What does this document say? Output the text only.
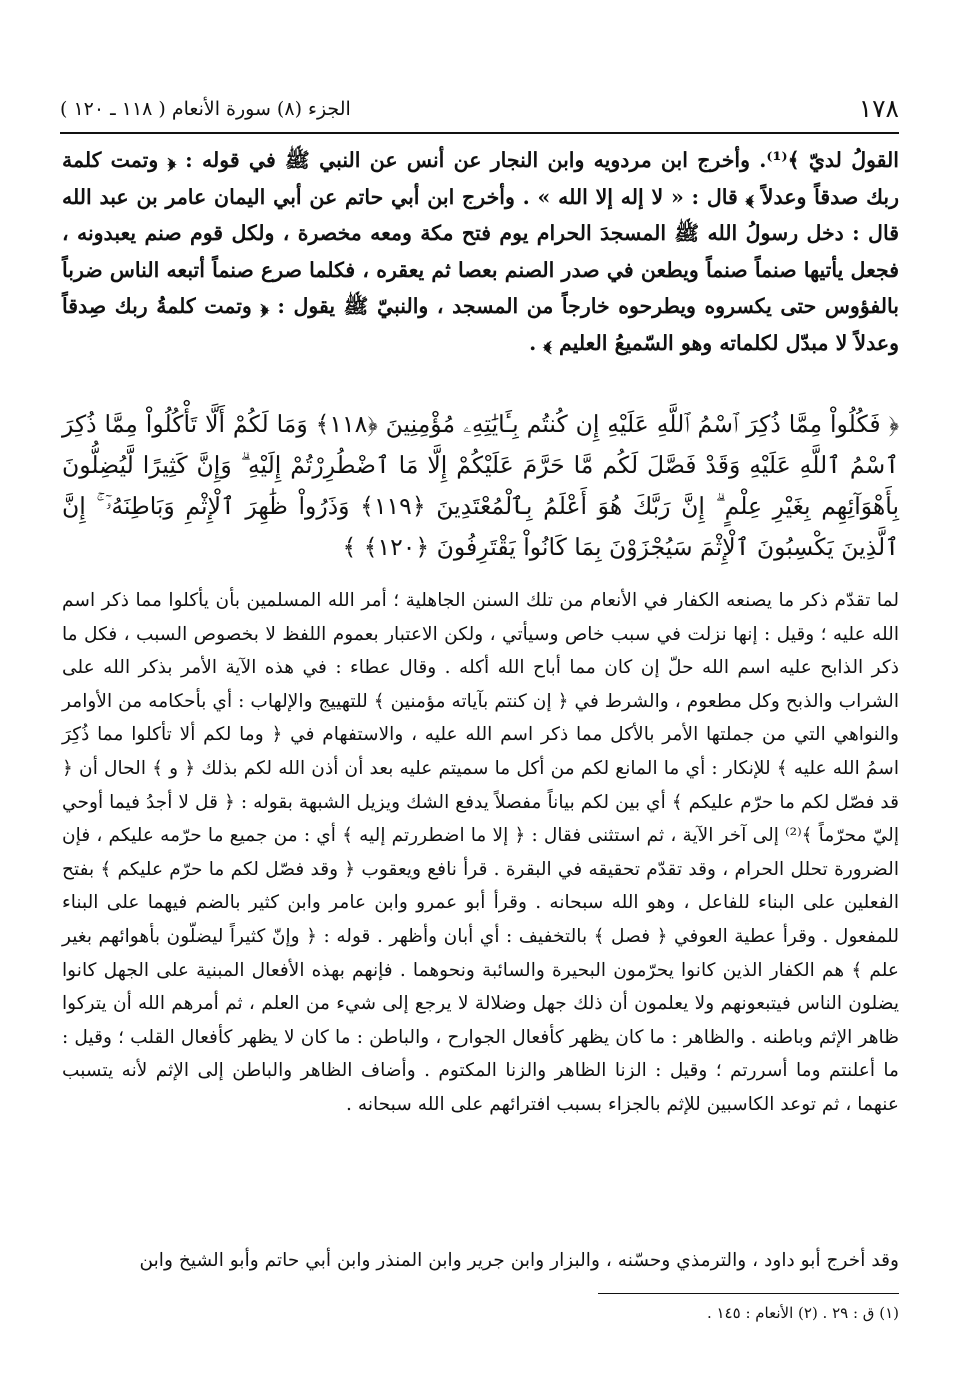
١٧٨
الجزء (٨) سورة الأنعام ( ١١٨ ـ ١٢٠ )

القولُ لديّ ﴾⁽¹⁾. وأخرج ابن مردويه وابن النجار عن أنس عن النبي ﷺ في قوله : ﴿ وتمت كلمة ربك صدقاً وعدلاً ﴾ قال : « لا إله إلا الله » . وأخرج ابن أبي حاتم عن أبي اليمان عامر بن عبد الله قال : دخل رسولُ الله ﷺ المسجدَ الحرام يوم فتح مكة ومعه مخصرة ، ولكل قوم صنم يعبدونه ، فجعل يأتيها صنماً صنماً ويطعن في صدر الصنم بعصا ثم يعقره ، فكلما صرع صنماً أتبعه الناس ضرباً بالفؤوس حتى يكسروه ويطرحوه خارجاً من المسجد ، والنبيّ ﷺ يقول : ﴿ وتمت كلمةُ ربك صِدقاً وعدلاً لا مبدّل لكلماته وهو السّميعُ العليم ﴾ .

﴿ فَكُلُواْ مِمَّا ذُكِرَ ٱسْمُ ٱللَّهِ عَلَيْهِ إِن كُنتُم بِـَٔايَٰتِهِۦ مُؤْمِنِينَ ﴿١١٨﴾ وَمَا لَكُمْ أَلَّا تَأْكُلُواْ مِمَّا ذُكِرَ ٱسْمُ ٱللَّهِ عَلَيْهِ وَقَدْ فَصَّلَ لَكُم مَّا حَرَّمَ عَلَيْكُمْ إِلَّا مَا ٱضْطُرِرْتُمْ إِلَيْهِ ۗ وَإِنَّ كَثِيرًا لَّيُضِلُّونَ بِأَهْوَآئِهِم بِغَيْرِ عِلْمٍ ۗ إِنَّ رَبَّكَ هُوَ أَعْلَمُ بِٱلْمُعْتَدِينَ ﴿١١٩﴾ وَذَرُواْ ظَٰهِرَ ٱلْإِثْمِ وَبَاطِنَهُۥٓ ۚ إِنَّ ٱلَّذِينَ يَكْسِبُونَ ٱلْإِثْمَ سَيُجْزَوْنَ بِمَا كَانُواْ يَقْتَرِفُونَ ﴿١٢٠﴾ ﴾

لما تقدّم ذكر ما يصنعه الكفار في الأنعام من تلك السنن الجاهلية ؛ أمر الله المسلمين بأن يأكلوا مما ذكر اسم الله عليه ؛ وقيل : إنها نزلت في سبب خاص وسيأتي ، ولكن الاعتبار بعموم اللفظ لا بخصوص السبب ، فكل ما ذكر الذابح عليه اسم الله حلّ إن كان مما أباح الله أكله . وقال عطاء : في هذه الآية الأمر بذكر الله على الشراب والذبح وكل مطعوم ، والشرط في ﴿ إن كنتم بآياته مؤمنين ﴾ للتهييج والإلهاب : أي بأحكامه من الأوامر والنواهي التي من جملتها الأمر بالأكل مما ذكر اسم الله عليه ، والاستفهام في ﴿ وما لكم ألا تأكلوا مما ذُكِرَ اسمُ الله عليه ﴾ للإنكار : أي ما المانع لكم من أكل ما سميتم عليه بعد أن أذن الله لكم بذلك ﴿ و ﴾ الحال أن ﴿ قد فصّل لكم ما حرّم عليكم ﴾ أي بين لكم بياناً مفصلاً يدفع الشك ويزيل الشبهة بقوله : ﴿ قل لا أجدُ فيما أوحي إليّ محرّماً ﴾⁽²⁾ إلى آخر الآية ، ثم استثنى فقال : ﴿ إلا ما اضطررتم إليه ﴾ أي : من جميع ما حرّمه عليكم ، فإن الضرورة تحلل الحرام ، وقد تقدّم تحقيقه في البقرة . قرأ نافع ويعقوب ﴿ وقد فصّل لكم ما حرّم عليكم ﴾ بفتح الفعلين على البناء للفاعل ، وهو الله سبحانه . وقرأ أبو عمرو وابن عامر وابن كثير بالضم فيهما على البناء للمفعول . وقرأ عطية العوفي ﴿ فصل ﴾ بالتخفيف : أي أبان وأظهر . قوله : ﴿ وإنّ كثيراً ليضلّون بأهوائهم بغير علم ﴾ هم الكفار الذين كانوا يحرّمون البحيرة والسائبة ونحوهما . فإنهم بهذه الأفعال المبنية على الجهل كانوا يضلون الناس فيتبعونهم ولا يعلمون أن ذلك جهل وضلالة لا يرجع إلى شيء من العلم ، ثم أمرهم الله أن يتركوا ظاهر الإثم وباطنه . والظاهر : ما كان يظهر كأفعال الجوارح ، والباطن : ما كان لا يظهر كأفعال القلب ؛ وقيل : ما أعلنتم وما أسررتم ؛ وقيل : الزنا الظاهر والزنا المكتوم . وأضاف الظاهر والباطن إلى الإثم لأنه يتسبب عنهما ، ثم توعد الكاسبين للإثم بالجزاء بسبب افترائهم على الله سبحانه .

وقد أخرج أبو داود ، والترمذي وحسّنه ، والبزار وابن جرير وابن المنذر وابن أبي حاتم وأبو الشيخ وابن

(١) ق : ٢٩ . (٢) الأنعام : ١٤٥ .
